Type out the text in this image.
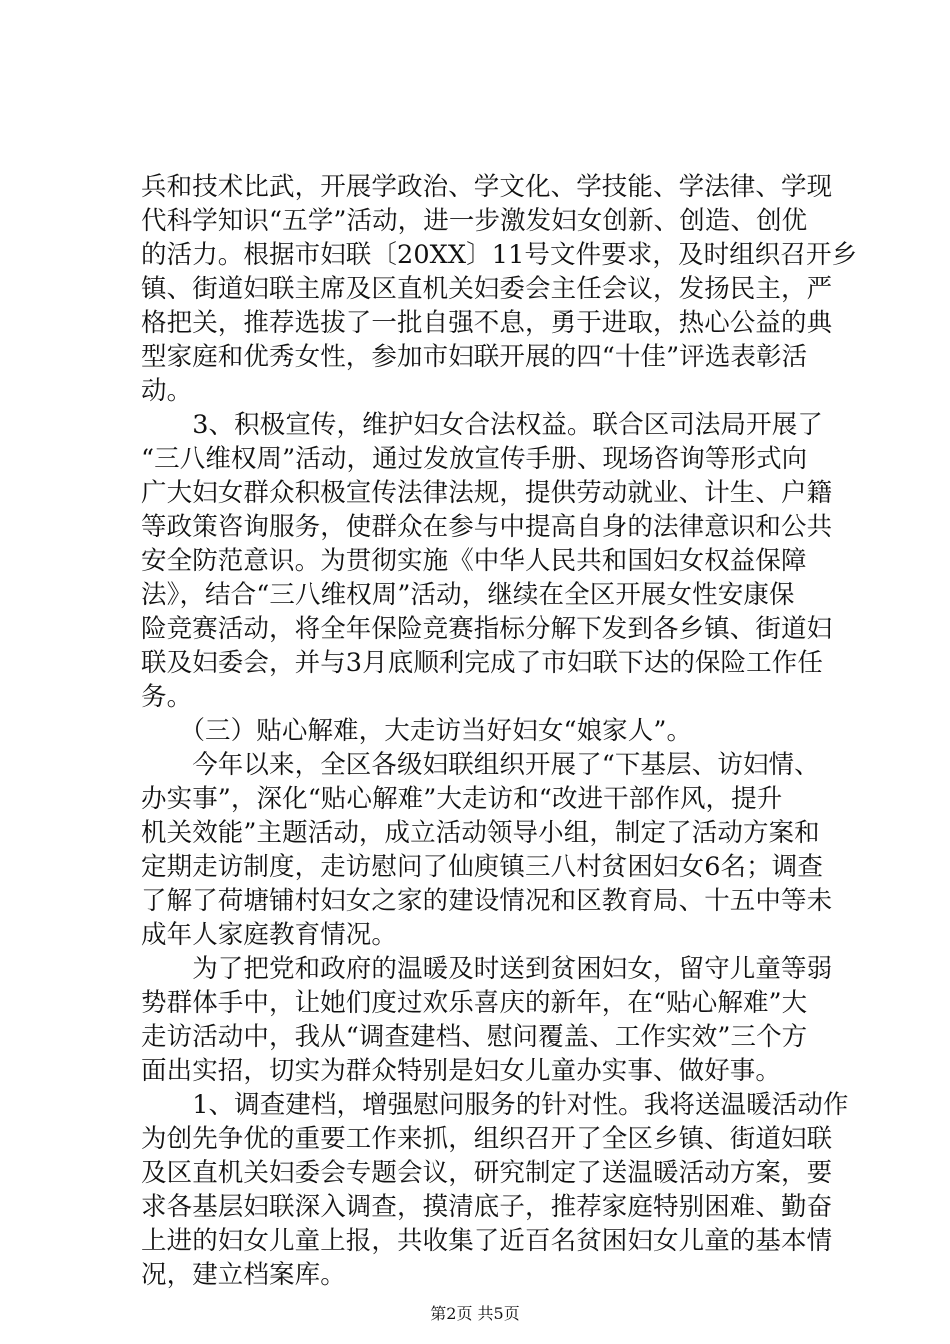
兵和技术比武，开展学政治、学文化、学技能、学法律、学现
代科学知识“五学”活动，进一步激发妇女创新、创造、创优
的活力。根据市妇联〔20XX〕11号文件要求，及时组织召开乡
镇、街道妇联主席及区直机关妇委会主任会议，发扬民主，严
格把关，推荐选拔了一批自强不息，勇于进取，热心公益的典
型家庭和优秀女性，参加市妇联开展的四“十佳”评选表彰活
动。
　　3、积极宣传，维护妇女合法权益。联合区司法局开展了
“三八维权周”活动，通过发放宣传手册、现场咨询等形式向
广大妇女群众积极宣传法律法规，提供劳动就业、计生、户籍
等政策咨询服务，使群众在参与中提高自身的法律意识和公共
安全防范意识。为贯彻实施《中华人民共和国妇女权益保障
法》，结合“三八维权周”活动，继续在全区开展女性安康保
险竞赛活动，将全年保险竞赛指标分解下发到各乡镇、街道妇
联及妇委会，并与3月底顺利完成了市妇联下达的保险工作任
务。
　　（三）贴心解难，大走访当好妇女“娘家人”。
　　今年以来，全区各级妇联组织开展了“下基层、访妇情、
办实事”，深化“贴心解难”大走访和“改进干部作风，提升
机关效能”主题活动，成立活动领导小组，制定了活动方案和
定期走访制度，走访慰问了仙庾镇三八村贫困妇女6名；调查
了解了荷塘铺村妇女之家的建设情况和区教育局、十五中等未
成年人家庭教育情况。
　　为了把党和政府的温暖及时送到贫困妇女，留守儿童等弱
势群体手中，让她们度过欢乐喜庆的新年，在“贴心解难”大
走访活动中，我从“调查建档、慰问覆盖、工作实效”三个方
面出实招，切实为群众特别是妇女儿童办实事、做好事。
　　1、调查建档，增强慰问服务的针对性。我将送温暖活动作
为创先争优的重要工作来抓，组织召开了全区乡镇、街道妇联
及区直机关妇委会专题会议，研究制定了送温暖活动方案，要
求各基层妇联深入调查，摸清底子，推荐家庭特别困难、勤奋
上进的妇女儿童上报，共收集了近百名贫困妇女儿童的基本情
况，建立档案库。
第2页 共5页
